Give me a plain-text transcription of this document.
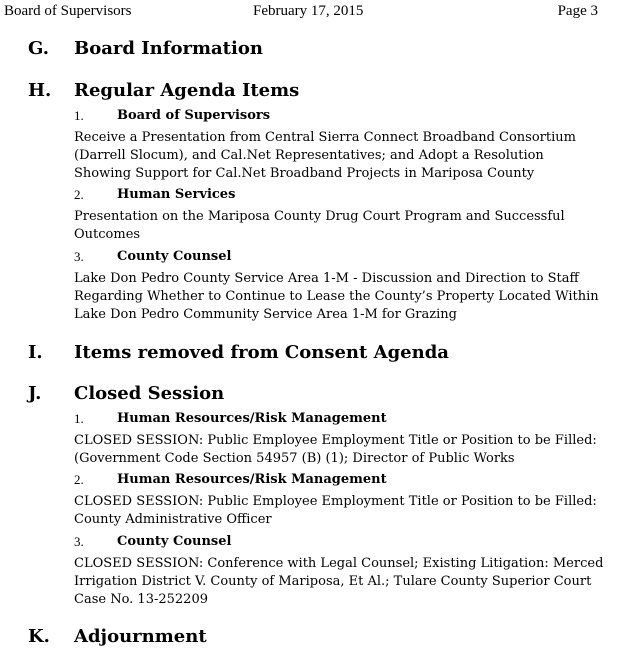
Board of Supervisors	February 17, 2015	Page 3
G. Board Information
H. Regular Agenda Items
1.	Board of Supervisors
Receive a Presentation from Central Sierra Connect Broadband Consortium (Darrell Slocum), and Cal.Net Representatives; and Adopt a Resolution Showing Support for Cal.Net Broadband Projects in Mariposa County
2.	Human Services
Presentation on the Mariposa County Drug Court Program and Successful Outcomes
3.	County Counsel
Lake Don Pedro County Service Area 1-M - Discussion and Direction to Staff Regarding Whether to Continue to Lease the County’s Property Located Within Lake Don Pedro Community Service Area 1-M for Grazing
I. Items removed from Consent Agenda
J. Closed Session
1.	Human Resources/Risk Management
CLOSED SESSION: Public Employee Employment Title or Position to be Filled: (Government Code Section 54957 (B) (1); Director of Public Works
2.	Human Resources/Risk Management
CLOSED SESSION: Public Employee Employment Title or Position to be Filled: County Administrative Officer
3.	County Counsel
CLOSED SESSION: Conference with Legal Counsel; Existing Litigation: Merced Irrigation District V. County of Mariposa, Et Al.; Tulare County Superior Court Case No. 13-252209
K. Adjournment
